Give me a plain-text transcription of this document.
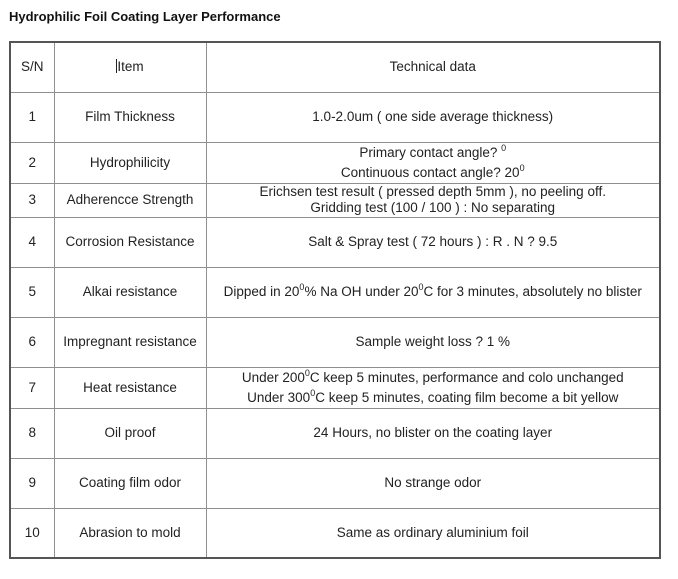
Hydrophilic Foil Coating Layer Performance
S/N	Item	Technical data
1	Film Thickness	1.0-2.0um ( one side average thickness)
2	Hydrophilicity	Primary contact angle? $^0$
Continuous contact angle? $20^0$

3	Adherencce Strength	Erichsen test result ( pressed depth 5mm ), no peeling off.
Gridding test (100 / 100 ) : No separating

4	Corrosion Resistance	Salt & Spray test ( 72 hours ) : R . N ? 9.5
5	Alkai resistance	Dipped in $20^0\%$ Na OH under $20^0C$ for 3 minutes, absolutely no blister
6	Impregnant resistance	Sample weight loss ? 1 %
7	Heat resistance	Under $200^0C$ keep 5 minutes, performance and colo unchanged
Under $300^0C$ keep 5 minutes, coating film become a bit yellow

8	Oil proof	24 Hours, no blister on the coating layer
9	Coating film odor	No strange odor
10	Abrasion to mold	Same as ordinary aluminium foil
